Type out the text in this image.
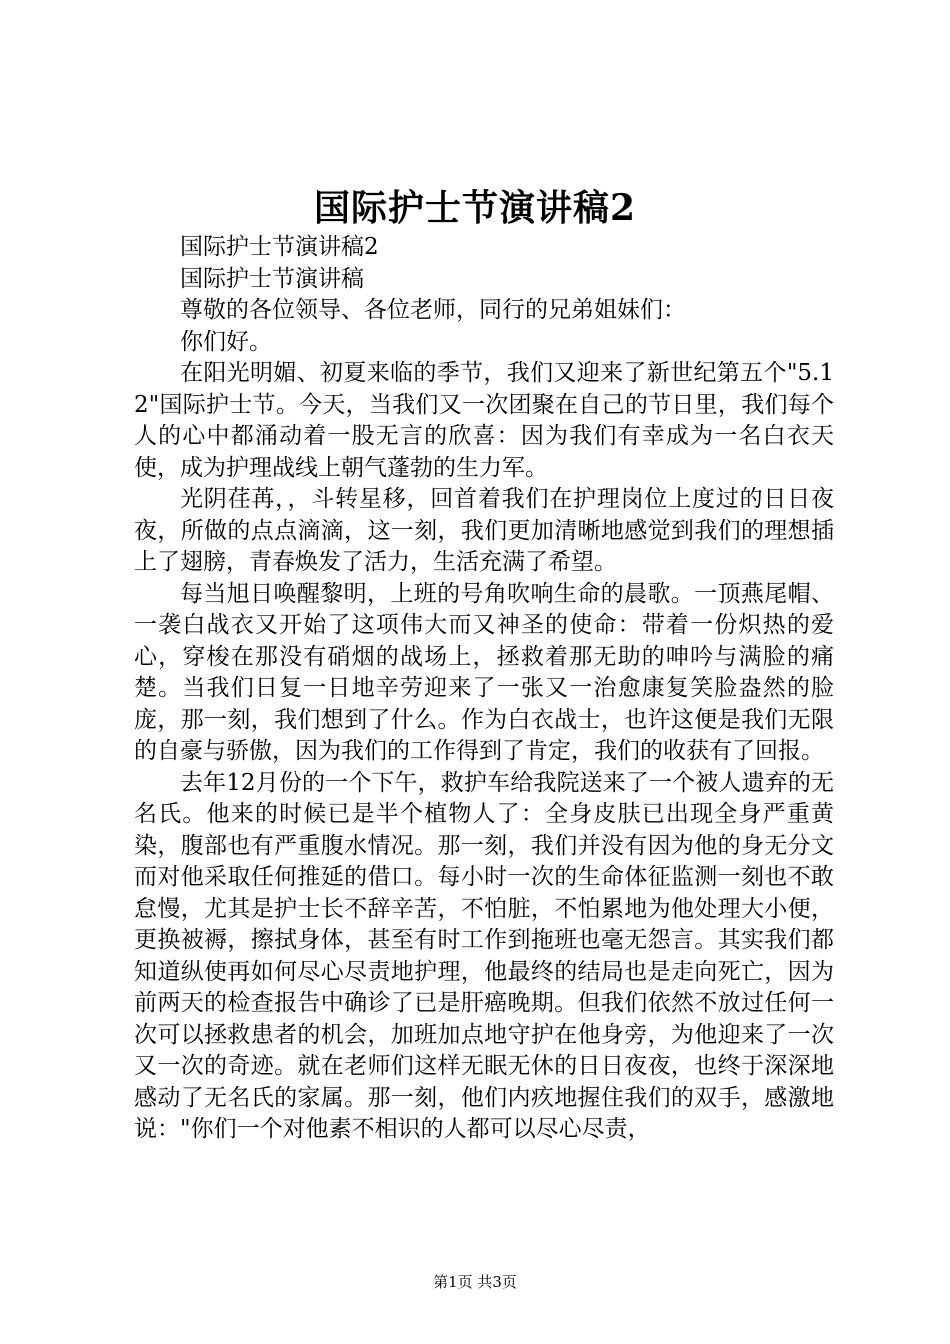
国际护士节演讲稿2

国际护士节演讲稿2

国际护士节演讲稿

尊敬的各位领导、各位老师，同行的兄弟姐妹们：

你们好。

在阳光明媚、初夏来临的季节，我们又迎来了新世纪第五个"5.12"国际护士节。今天，当我们又一次团聚在自己的节日里，我们每个人的心中都涌动着一股无言的欣喜：因为我们有幸成为一名白衣天使，成为护理战线上朝气蓬勃的生力军。

光阴荏苒，，斗转星移，回首着我们在护理岗位上度过的日日夜夜，所做的点点滴滴，这一刻，我们更加清晰地感觉到我们的理想插上了翅膀，青春焕发了活力，生活充满了希望。

每当旭日唤醒黎明，上班的号角吹响生命的晨歌。一顶燕尾帽、一袭白战衣又开始了这项伟大而又神圣的使命：带着一份炽热的爱心，穿梭在那没有硝烟的战场上，拯救着那无助的呻吟与满脸的痛楚。当我们日复一日地辛劳迎来了一张又一治愈康复笑脸盎然的脸庞，那一刻，我们想到了什么。作为白衣战士，也许这便是我们无限的自豪与骄傲，因为我们的工作得到了肯定，我们的收获有了回报。

去年12月份的一个下午，救护车给我院送来了一个被人遗弃的无名氏。他来的时候已是半个植物人了：全身皮肤已出现全身严重黄染，腹部也有严重腹水情况。那一刻，我们并没有因为他的身无分文而对他采取任何推延的借口。每小时一次的生命体征监测一刻也不敢怠慢，尤其是护士长不辞辛苦，不怕脏，不怕累地为他处理大小便，更换被褥，擦拭身体，甚至有时工作到拖班也毫无怨言。其实我们都知道纵使再如何尽心尽责地护理，他最终的结局也是走向死亡，因为前两天的检查报告中确诊了已是肝癌晚期。但我们依然不放过任何一次可以拯救患者的机会，加班加点地守护在他身旁，为他迎来了一次又一次的奇迹。就在老师们这样无眠无休的日日夜夜，也终于深深地感动了无名氏的家属。那一刻，他们内疚地握住我们的双手，感激地说："你们一个对他素不相识的人都可以尽心尽责，

第1页 共3页
